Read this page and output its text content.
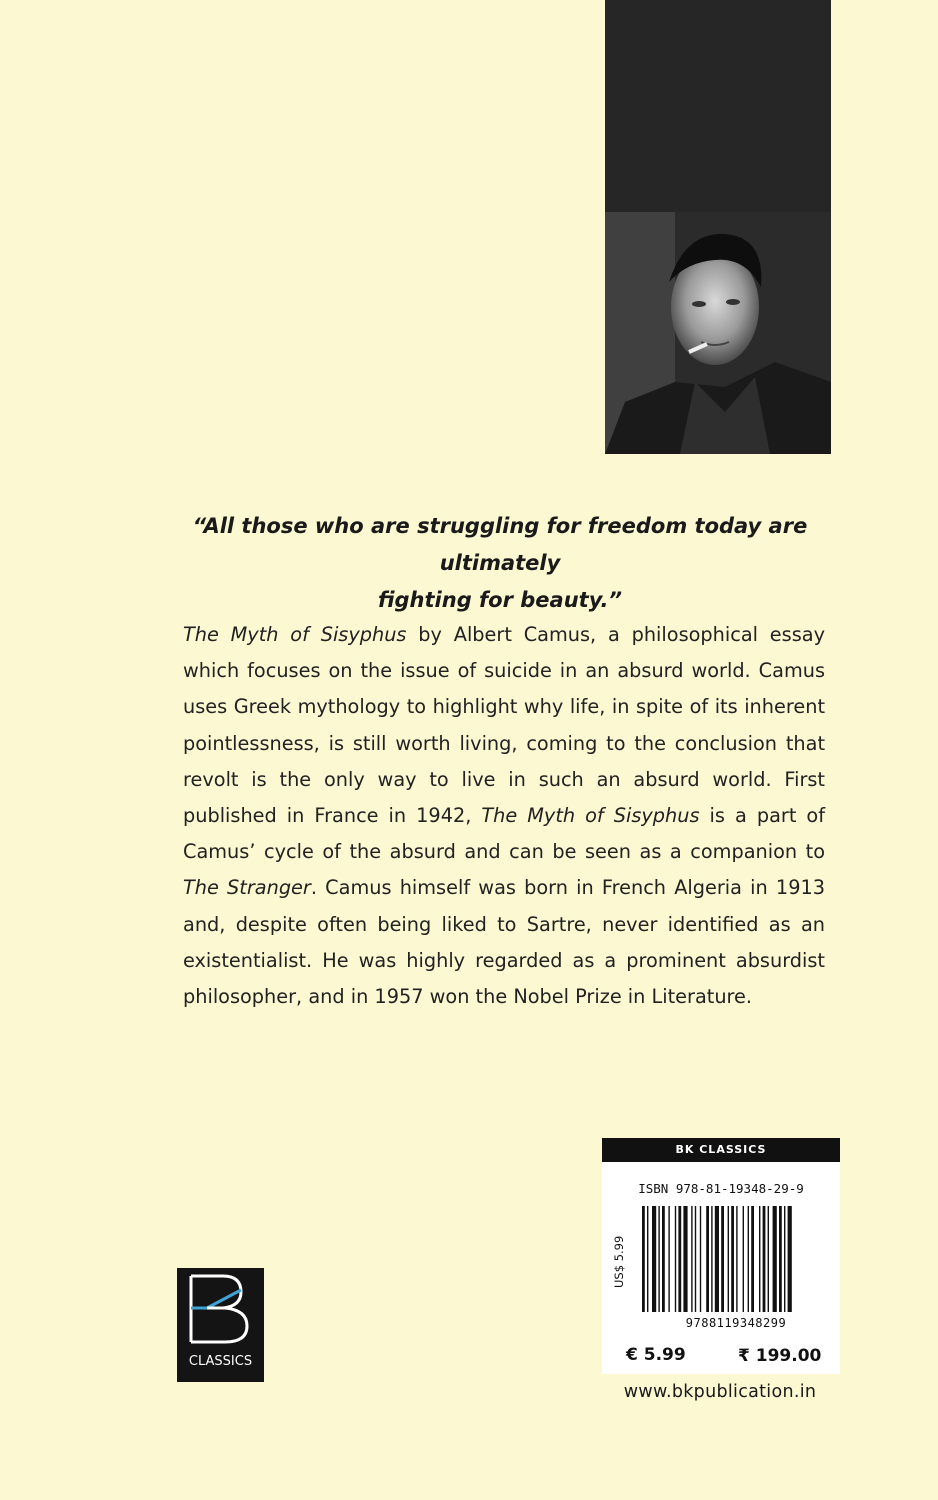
“All those who are struggling for freedom today are ultimately
fighting for beauty.”

The Myth of Sisyphus by Albert Camus, a philosophical essay which focuses on the issue of suicide in an absurd world. Camus uses Greek mythology to highlight why life, in spite of its inherent pointlessness, is still worth living, coming to the conclusion that revolt is the only way to live in such an absurd world. First published in France in 1942, The Myth of Sisyphus is a part of Camus’ cycle of the absurd and can be seen as a companion to The Stranger. Camus himself was born in French Algeria in 1913 and, despite often being liked to Sartre, never identified as an existentialist. He was highly regarded as a prominent absurdist philosopher, and in 1957 won the Nobel Prize in Literature.

CLASSICS
BK CLASSICS
ISBN 978-81-19348-29-9
US$ 5.99
9788119348299
€ 5.99	₹ 199.00
www.bkpublication.in
